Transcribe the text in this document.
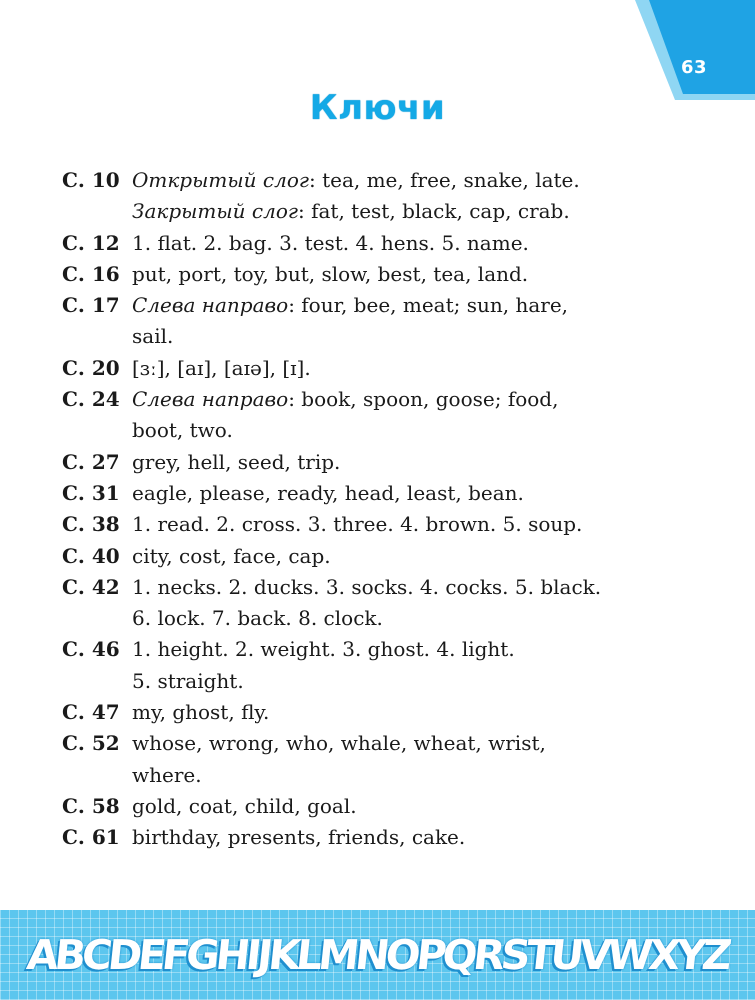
63
Ключи
С. 10 Открытый слог: tea, me, free, snake, late.
Закрытый слог: fat, test, black, cap, crab.
С. 12 1. flat. 2. bag. 3. test. 4. hens. 5. name.
С. 16 put, port, toy, but, slow, best, tea, land.
С. 17 Слева направо: four, bee, meat; sun, hare,
sail.
С. 20 [ɜː], [aɪ], [aɪə], [ɪ].
С. 24 Слева направо: book, spoon, goose; food,
boot, two.
С. 27 grey, hell, seed, trip.
С. 31 eagle, please, ready, head, least, bean.
С. 38 1. read. 2. cross. 3. three. 4. brown. 5. soup.
С. 40 city, cost, face, cap.
С. 42 1. necks. 2. ducks. 3. socks. 4. cocks. 5. black.
6. lock. 7. back. 8. clock.
С. 46 1. height. 2. weight. 3. ghost. 4. light.
5. straight.
С. 47 my, ghost, fly.
С. 52 whose, wrong, who, whale, wheat, wrist,
where.
С. 58 gold, coat, child, goal.
С. 61 birthday, presents, friends, cake.
ABCDEFGHIJKLMNOPQRSTUVWXYZ
